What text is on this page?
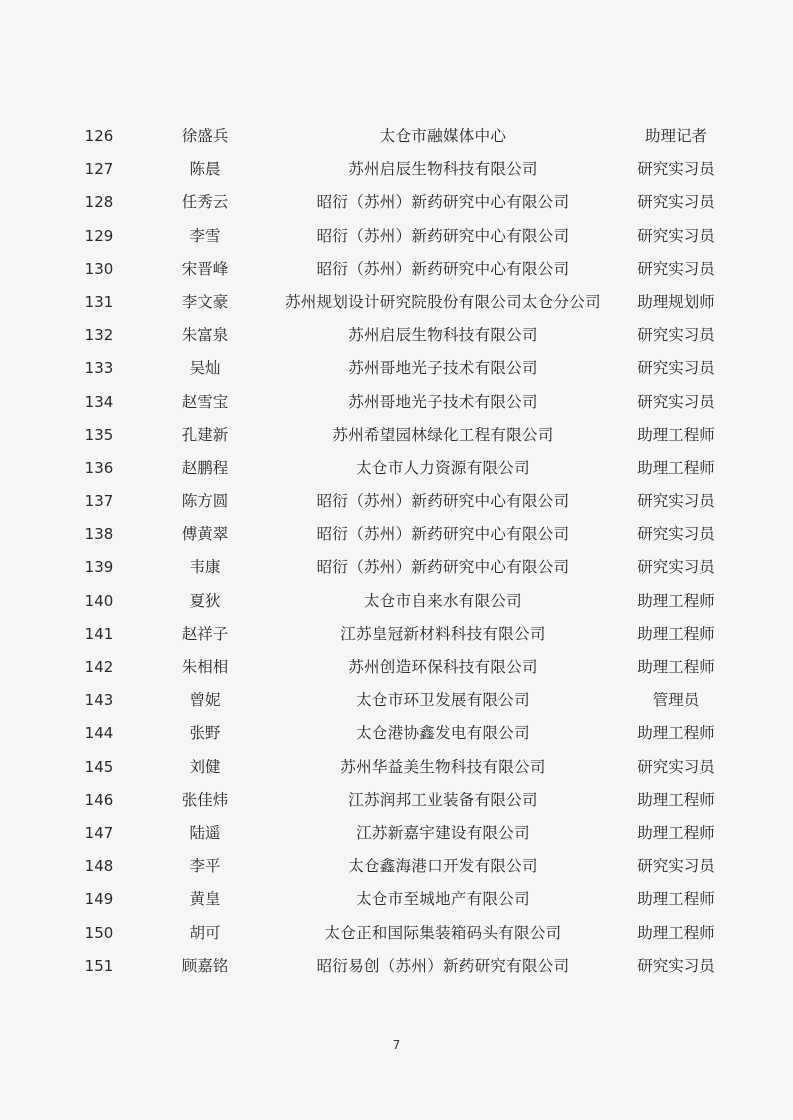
126	徐盛兵	太仓市融媒体中心	助理记者
127	陈晨	苏州启辰生物科技有限公司	研究实习员
128	任秀云	昭衍（苏州）新药研究中心有限公司	研究实习员
129	李雪	昭衍（苏州）新药研究中心有限公司	研究实习员
130	宋晋峰	昭衍（苏州）新药研究中心有限公司	研究实习员
131	李文豪	苏州规划设计研究院股份有限公司太仓分公司	助理规划师
132	朱富泉	苏州启辰生物科技有限公司	研究实习员
133	吴灿	苏州哥地光子技术有限公司	研究实习员
134	赵雪宝	苏州哥地光子技术有限公司	研究实习员
135	孔建新	苏州希望园林绿化工程有限公司	助理工程师
136	赵鹏程	太仓市人力资源有限公司	助理工程师
137	陈方圆	昭衍（苏州）新药研究中心有限公司	研究实习员
138	傅黄翠	昭衍（苏州）新药研究中心有限公司	研究实习员
139	韦康	昭衍（苏州）新药研究中心有限公司	研究实习员
140	夏狄	太仓市自来水有限公司	助理工程师
141	赵祥子	江苏皇冠新材料科技有限公司	助理工程师
142	朱相相	苏州创造环保科技有限公司	助理工程师
143	曾妮	太仓市环卫发展有限公司	管理员
144	张野	太仓港协鑫发电有限公司	助理工程师
145	刘健	苏州华益美生物科技有限公司	研究实习员
146	张佳炜	江苏润邦工业装备有限公司	助理工程师
147	陆遥	江苏新嘉宇建设有限公司	助理工程师
148	李平	太仓鑫海港口开发有限公司	研究实习员
149	黄皇	太仓市至城地产有限公司	助理工程师
150	胡可	太仓正和国际集装箱码头有限公司	助理工程师
151	顾嘉铭	昭衍易创（苏州）新药研究有限公司	研究实习员
7
